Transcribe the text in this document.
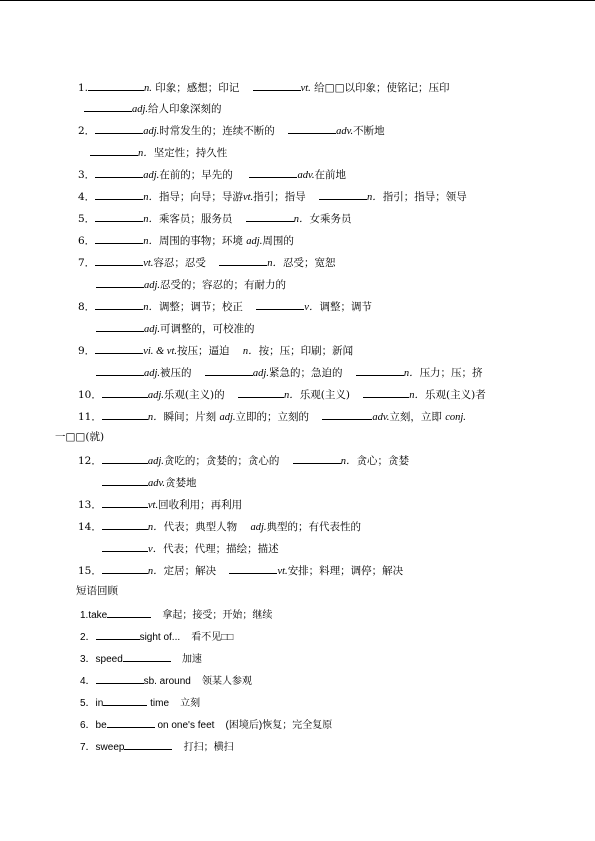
1.	n. 印象；感想；印记	vt. 给□□以印象；使铭记；压印
adj.给人印象深刻的
2．	adj.时常发生的；连续不断的	adv.不断地
n．坚定性；持久性
3．	adj.在前的；早先的	adv.在前地
4．	n．指导；向导；导游vt.指引；指导	n．指引；指导；领导
5．	n．乘客员；服务员	n．女乘务员
6．	n．周围的事物；环境 adj.周围的
7．	vt.容忍；忍受	n．忍受；宽恕
adj.忍受的；容忍的；有耐力的
8．	n．调整；调节；校正	v．调整；调节
adj.可调整的，可校准的
9．	vi. & vt.按压；逼迫 n．按；压；印刷；新闻
adj.被压的	adj.紧急的；急迫的	n．压力；压；挤
10．	adj.乐观(主义)的	n．乐观(主义)	n．乐观(主义)者
11．	n．瞬间；片刻 adj.立即的；立刻的	adv.立刻，立即 conj.
一□□(就)
12．	adj.贪吃的；贪婪的；贪心的	n．贪心；贪婪
adv.贪婪地
13．	vt.回收利用；再利用
14．	n．代表；典型人物 adj.典型的；有代表性的
v．代表；代理；描绘；描述
15．	n．定居；解决	vt.安排；料理；调停；解决
短语回顾
1.take	拿起；接受；开始；继续
2．	sight of... 看不见□□
3．speed	加速
4．	sb. around 领某人参观
5．in	time 立刻
6．be	on one's feet (困境后)恢复；完全复原
7．sweep	打扫；横扫
